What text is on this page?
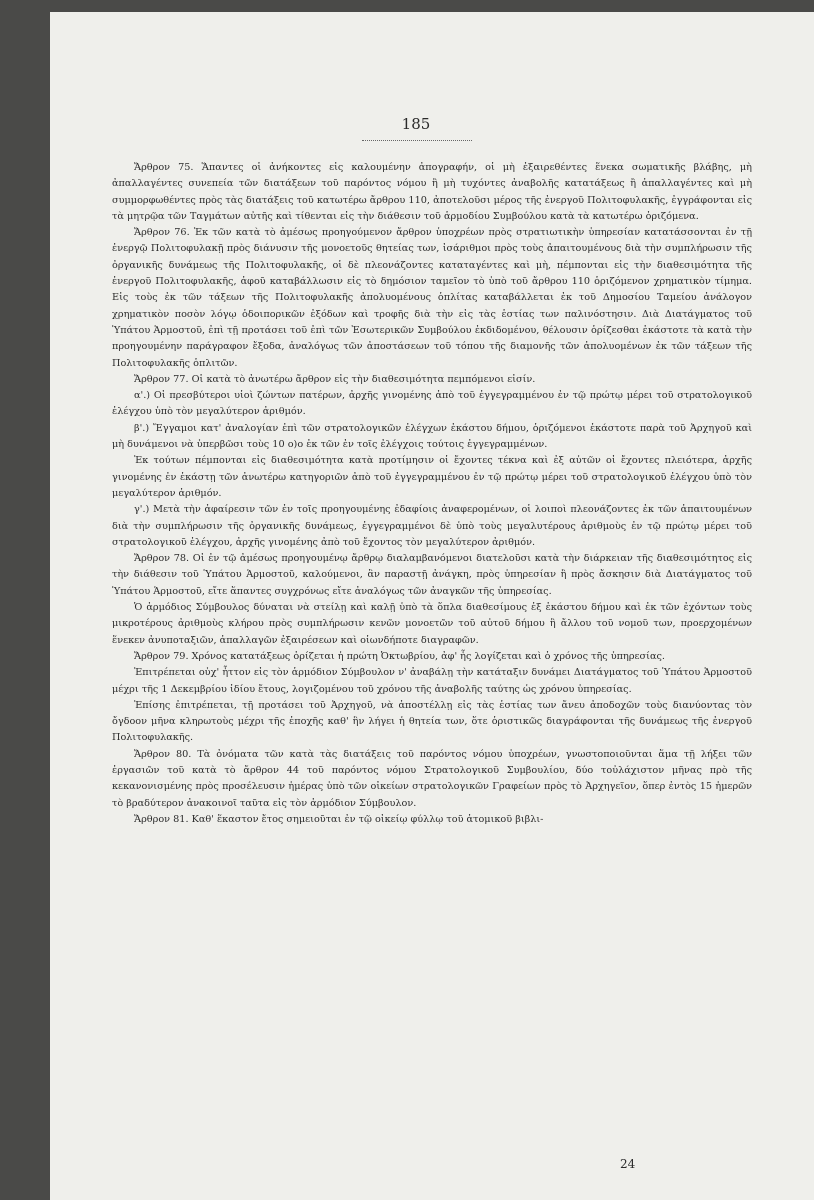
185

Ἄρθρον 75. Ἅπαντες οἱ ἀνήκοντες εἰς καλουμένην ἀπογραφήν, οἱ μὴ ἐξαιρεθέντες ἕνεκα σωματικῆς βλάβης, μὴ ἀπαλλαγέντες συνεπεία τῶν διατάξεων τοῦ παρόντος νόμου ἢ μὴ τυχόντες ἀναβολῆς κατατάξεως ἢ ἀπαλλαγέντες καὶ μὴ συμμορφωθέντες πρὸς τὰς διατάξεις τοῦ κατωτέρω ἄρθρου 110, ἀποτελοῦσι μέρος τῆς ἐνεργοῦ Πολιτοφυλακῆς, ἐγγράφονται εἰς τὰ μητρῷα τῶν Ταγμάτων αὐτῆς καὶ τίθενται εἰς τὴν διάθεσιν τοῦ ἁρμοδίου Συμβούλου κατὰ τὰ κατωτέρω ὁριζόμενα.

Ἄρθρον 76. Ἐκ τῶν κατὰ τὸ ἀμέσως προηγούμενον ἄρθρον ὑποχρέων πρὸς στρατιωτικὴν ὑπηρεσίαν κατατάσσονται ἐν τῇ ἐνεργῷ Πολιτοφυλακῇ πρὸς διάνυσιν τῆς μονοετοῦς θητείας των, ἰσάριθμοι πρὸς τοὺς ἀπαιτουμένους διὰ τὴν συμπλήρωσιν τῆς ὀργανικῆς δυνάμεως τῆς Πολιτοφυλακῆς, οἱ δὲ πλεονάζοντες καταταγέντες καὶ μὴ, πέμπονται εἰς τὴν διαθεσιμότητα τῆς ἐνεργοῦ Πολιτοφυλακῆς, ἀφοῦ καταβάλλωσιν εἰς τὸ δημόσιον ταμεῖον τὸ ὑπὸ τοῦ ἄρθρου 110 ὁριζόμενον χρηματικὸν τίμημα. Εἰς τοὺς ἐκ τῶν τάξεων τῆς Πολιτοφυλακῆς ἀπολυομένους ὁπλίτας καταβάλλεται ἐκ τοῦ Δημοσίου Ταμείου ἀνάλογον χρηματικὸν ποσὸν λόγῳ ὁδοιπορικῶν ἐξόδων καὶ τροφῆς διὰ τὴν εἰς τὰς ἑστίας των παλινόστησιν. Διὰ Διατάγματος τοῦ Ὑπάτου Ἁρμοστοῦ, ἐπὶ τῇ προτάσει τοῦ ἐπὶ τῶν Ἐσωτερικῶν Συμβούλου ἐκδιδομένου, θέλουσιν ὁρίζεσθαι ἑκάστοτε τὰ κατὰ τὴν προηγουμένην παράγραφον ἔξοδα, ἀναλόγως τῶν ἀποστάσεων τοῦ τόπου τῆς διαμονῆς τῶν ἀπολυομένων ἐκ τῶν τάξεων τῆς Πολιτοφυλακῆς ὁπλιτῶν.

Ἄρθρον 77. Οἱ κατὰ τὸ ἀνωτέρω ἄρθρον εἰς τὴν διαθεσιμότητα πεμπόμενοι εἰσίν.

α'.) Οἱ πρεσβύτεροι υἱοὶ ζώντων πατέρων, ἀρχῆς γινομένης ἀπὸ τοῦ ἐγγεγραμμένου ἐν τῷ πρώτῳ μέρει τοῦ στρατολογικοῦ ἐλέγχου ὑπὸ τὸν μεγαλύτερον ἀριθμόν.

β'.) Ἔγγαμοι κατ' ἀναλογίαν ἐπὶ τῶν στρατολογικῶν ἐλέγχων ἑκάστου δήμου, ὁριζόμενοι ἑκάστοτε παρὰ τοῦ Ἀρχηγοῦ καὶ μὴ δυνάμενοι νὰ ὑπερβῶσι τοὺς 10 ο)ο ἐκ τῶν ἐν τοῖς ἐλέγχοις τούτοις ἐγγεγραμμένων.

Ἐκ τούτων πέμπονται εἰς διαθεσιμότητα κατὰ προτίμησιν οἱ ἔχοντες τέκνα καὶ ἐξ αὐτῶν οἱ ἔχοντες πλειότερα, ἀρχῆς γινομένης ἐν ἑκάστῃ τῶν ἀνωτέρω κατηγοριῶν ἀπὸ τοῦ ἐγγεγραμμένου ἐν τῷ πρώτῳ μέρει τοῦ στρατολογικοῦ ἐλέγχου ὑπὸ τὸν μεγαλύτερον ἀριθμόν.

γ'.) Μετὰ τὴν ἀφαίρεσιν τῶν ἐν τοῖς προηγουμένης ἐδαφίοις ἀναφερομένων, οἱ λοιποὶ πλεονάζοντες ἐκ τῶν ἀπαιτουμένων διὰ τὴν συμπλήρωσιν τῆς ὀργανικῆς δυνάμεως, ἐγγεγραμμένοι δὲ ὑπὸ τοὺς μεγαλυτέρους ἀριθμοὺς ἐν τῷ πρώτῳ μέρει τοῦ στρατολογικοῦ ἐλέγχου, ἀρχῆς γινομένης ἀπὸ τοῦ ἔχοντος τὸν μεγαλύτερον ἀριθμόν.

Ἄρθρον 78. Οἱ ἐν τῷ ἀμέσως προηγουμένῳ ἄρθρῳ διαλαμβανόμενοι διατελοῦσι κατὰ τὴν διάρκειαν τῆς διαθεσιμότητος εἰς τὴν διάθεσιν τοῦ Ὑπάτου Ἁρμοστοῦ, καλούμενοι, ἂν παραστῇ ἀνάγκη, πρὸς ὑπηρεσίαν ἢ πρὸς ἄσκησιν διὰ Διατάγματος τοῦ Ὑπάτου Ἁρμοστοῦ, εἴτε ἅπαντες συγχρόνως εἴτε ἀναλόγως τῶν ἀναγκῶν τῆς ὑπηρεσίας.

Ὁ ἁρμόδιος Σύμβουλος δύναται νὰ στείλῃ καὶ καλῇ ὑπὸ τὰ ὅπλα διαθεσίμους ἐξ ἑκάστου δήμου καὶ ἐκ τῶν ἐχόντων τοὺς μικροτέρους ἀριθμοὺς κλήρου πρὸς συμπλήρωσιν κενῶν μονοετῶν τοῦ αὐτοῦ δήμου ἢ ἄλλου τοῦ νομοῦ των, προερχομένων ἕνεκεν ἀνυποταξιῶν, ἀπαλλαγῶν ἐξαιρέσεων καὶ οἱωνδήποτε διαγραφῶν.

Ἄρθρον 79. Χρόνος κατατάξεως ὁρίζεται ἡ πρώτη Ὀκτωβρίου, ἀφ' ἧς λογίζεται καὶ ὁ χρόνος τῆς ὑπηρεσίας.

Ἐπιτρέπεται οὐχ' ἧττον εἰς τὸν ἁρμόδιον Σύμβουλον ν' ἀναβάλῃ τὴν κατάταξιν δυνάμει Διατάγματος τοῦ Ὑπάτου Ἁρμοστοῦ μέχρι τῆς 1 Δεκεμβρίου ἰδίου ἔτους, λογιζομένου τοῦ χρόνου τῆς ἀναβολῆς ταύτης ὡς χρόνου ὑπηρεσίας.

Ἐπίσης ἐπιτρέπεται, τῇ προτάσει τοῦ Ἀρχηγοῦ, νὰ ἀποστέλλῃ εἰς τὰς ἑστίας των ἄνευ ἀποδοχῶν τοὺς διανύοντας τὸν ὄγδοον μῆνα κληρωτοὺς μέχρι τῆς ἐποχῆς καθ' ἣν λήγει ἡ θητεία των, ὅτε ὁριστικῶς διαγράφονται τῆς δυνάμεως τῆς ἐνεργοῦ Πολιτοφυλακῆς.

Ἄρθρον 80. Τὰ ὀνόματα τῶν κατὰ τὰς διατάξεις τοῦ παρόντος νόμου ὑποχρέων, γνωστοποιοῦνται ἅμα τῇ λήξει τῶν ἐργασιῶν τοῦ κατὰ τὸ ἄρθρον 44 τοῦ παρόντος νόμου Στρατολογικοῦ Συμβουλίου, δύο τοὐλάχιστον μῆνας πρὸ τῆς κεκανονισμένης πρὸς προσέλευσιν ἡμέρας ὑπὸ τῶν οἰκείων στρατολογικῶν Γραφείων πρὸς τὸ Ἀρχηγεῖον, ὅπερ ἐντὸς 15 ἡμερῶν τὸ βραδύτερον ἀνακοινοῖ ταῦτα εἰς τὸν ἁρμόδιον Σύμβουλον.

Ἄρθρον 81. Καθ' ἕκαστον ἔτος σημειοῦται ἐν τῷ οἰκείῳ φύλλῳ τοῦ ἀτομικοῦ βιβλι-

24
